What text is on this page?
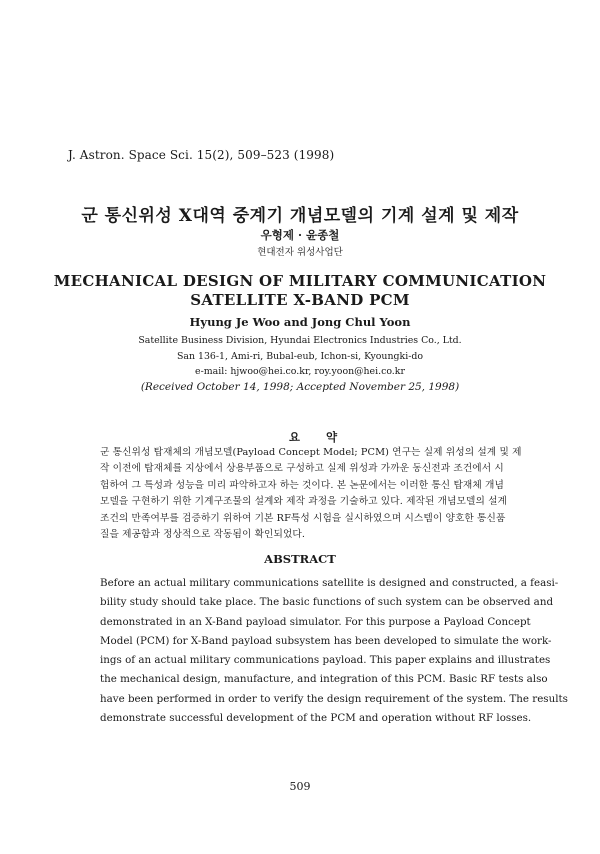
J. Astron. Space Sci. 15(2), 509–523 (1998)
군 통신위성 X대역 중계기 개념모델의 기계 설계 및 제작
우형제 · 윤종철
현대전자 위성사업단
MECHANICAL DESIGN OF MILITARY COMMUNICATION
SATELLITE X-BAND PCM
Hyung Je Woo and Jong Chul Yoon
Satellite Business Division, Hyundai Electronics Industries Co., Ltd.
San 136-1, Ami-ri, Bubal-eub, Ichon-si, Kyoungki-do
e-mail: hjwoo@hei.co.kr, roy.yoon@hei.co.kr
(Received October 14, 1998; Accepted November 25, 1998)
요약
군 통신위성 탑재체의 개념모델(Payload Concept Model; PCM) 연구는 실제 위성의 설계 및 제
작 이전에 탑재체를 지상에서 상용부품으로 구성하고 실제 위성과 가까운 동신전과 조건에서 시
험하여 그 특성과 성능을 미리 파악하고자 하는 것이다. 본 논문에서는 이러한 통신 탑재체 개념
모델을 구현하기 위한 기계구조물의 설계와 제작 과정을 기술하고 있다. 제작된 개념모델의 설계
조건의 만족여부를 검증하기 위하여 기본 RF특성 시험을 실시하였으며 시스템이 양호한 통신품
질을 제공함과 정상적으로 작동됨이 확인되었다.
ABSTRACT
Before an actual military communications satellite is designed and constructed, a feasi-
bility study should take place. The basic functions of such system can be observed and
demonstrated in an X-Band payload simulator. For this purpose a Payload Concept
Model (PCM) for X-Band payload subsystem has been developed to simulate the work-
ings of an actual military communications payload. This paper explains and illustrates
the mechanical design, manufacture, and integration of this PCM. Basic RF tests also
have been performed in order to verify the design requirement of the system. The results
demonstrate successful development of the PCM and operation without RF losses.
509
